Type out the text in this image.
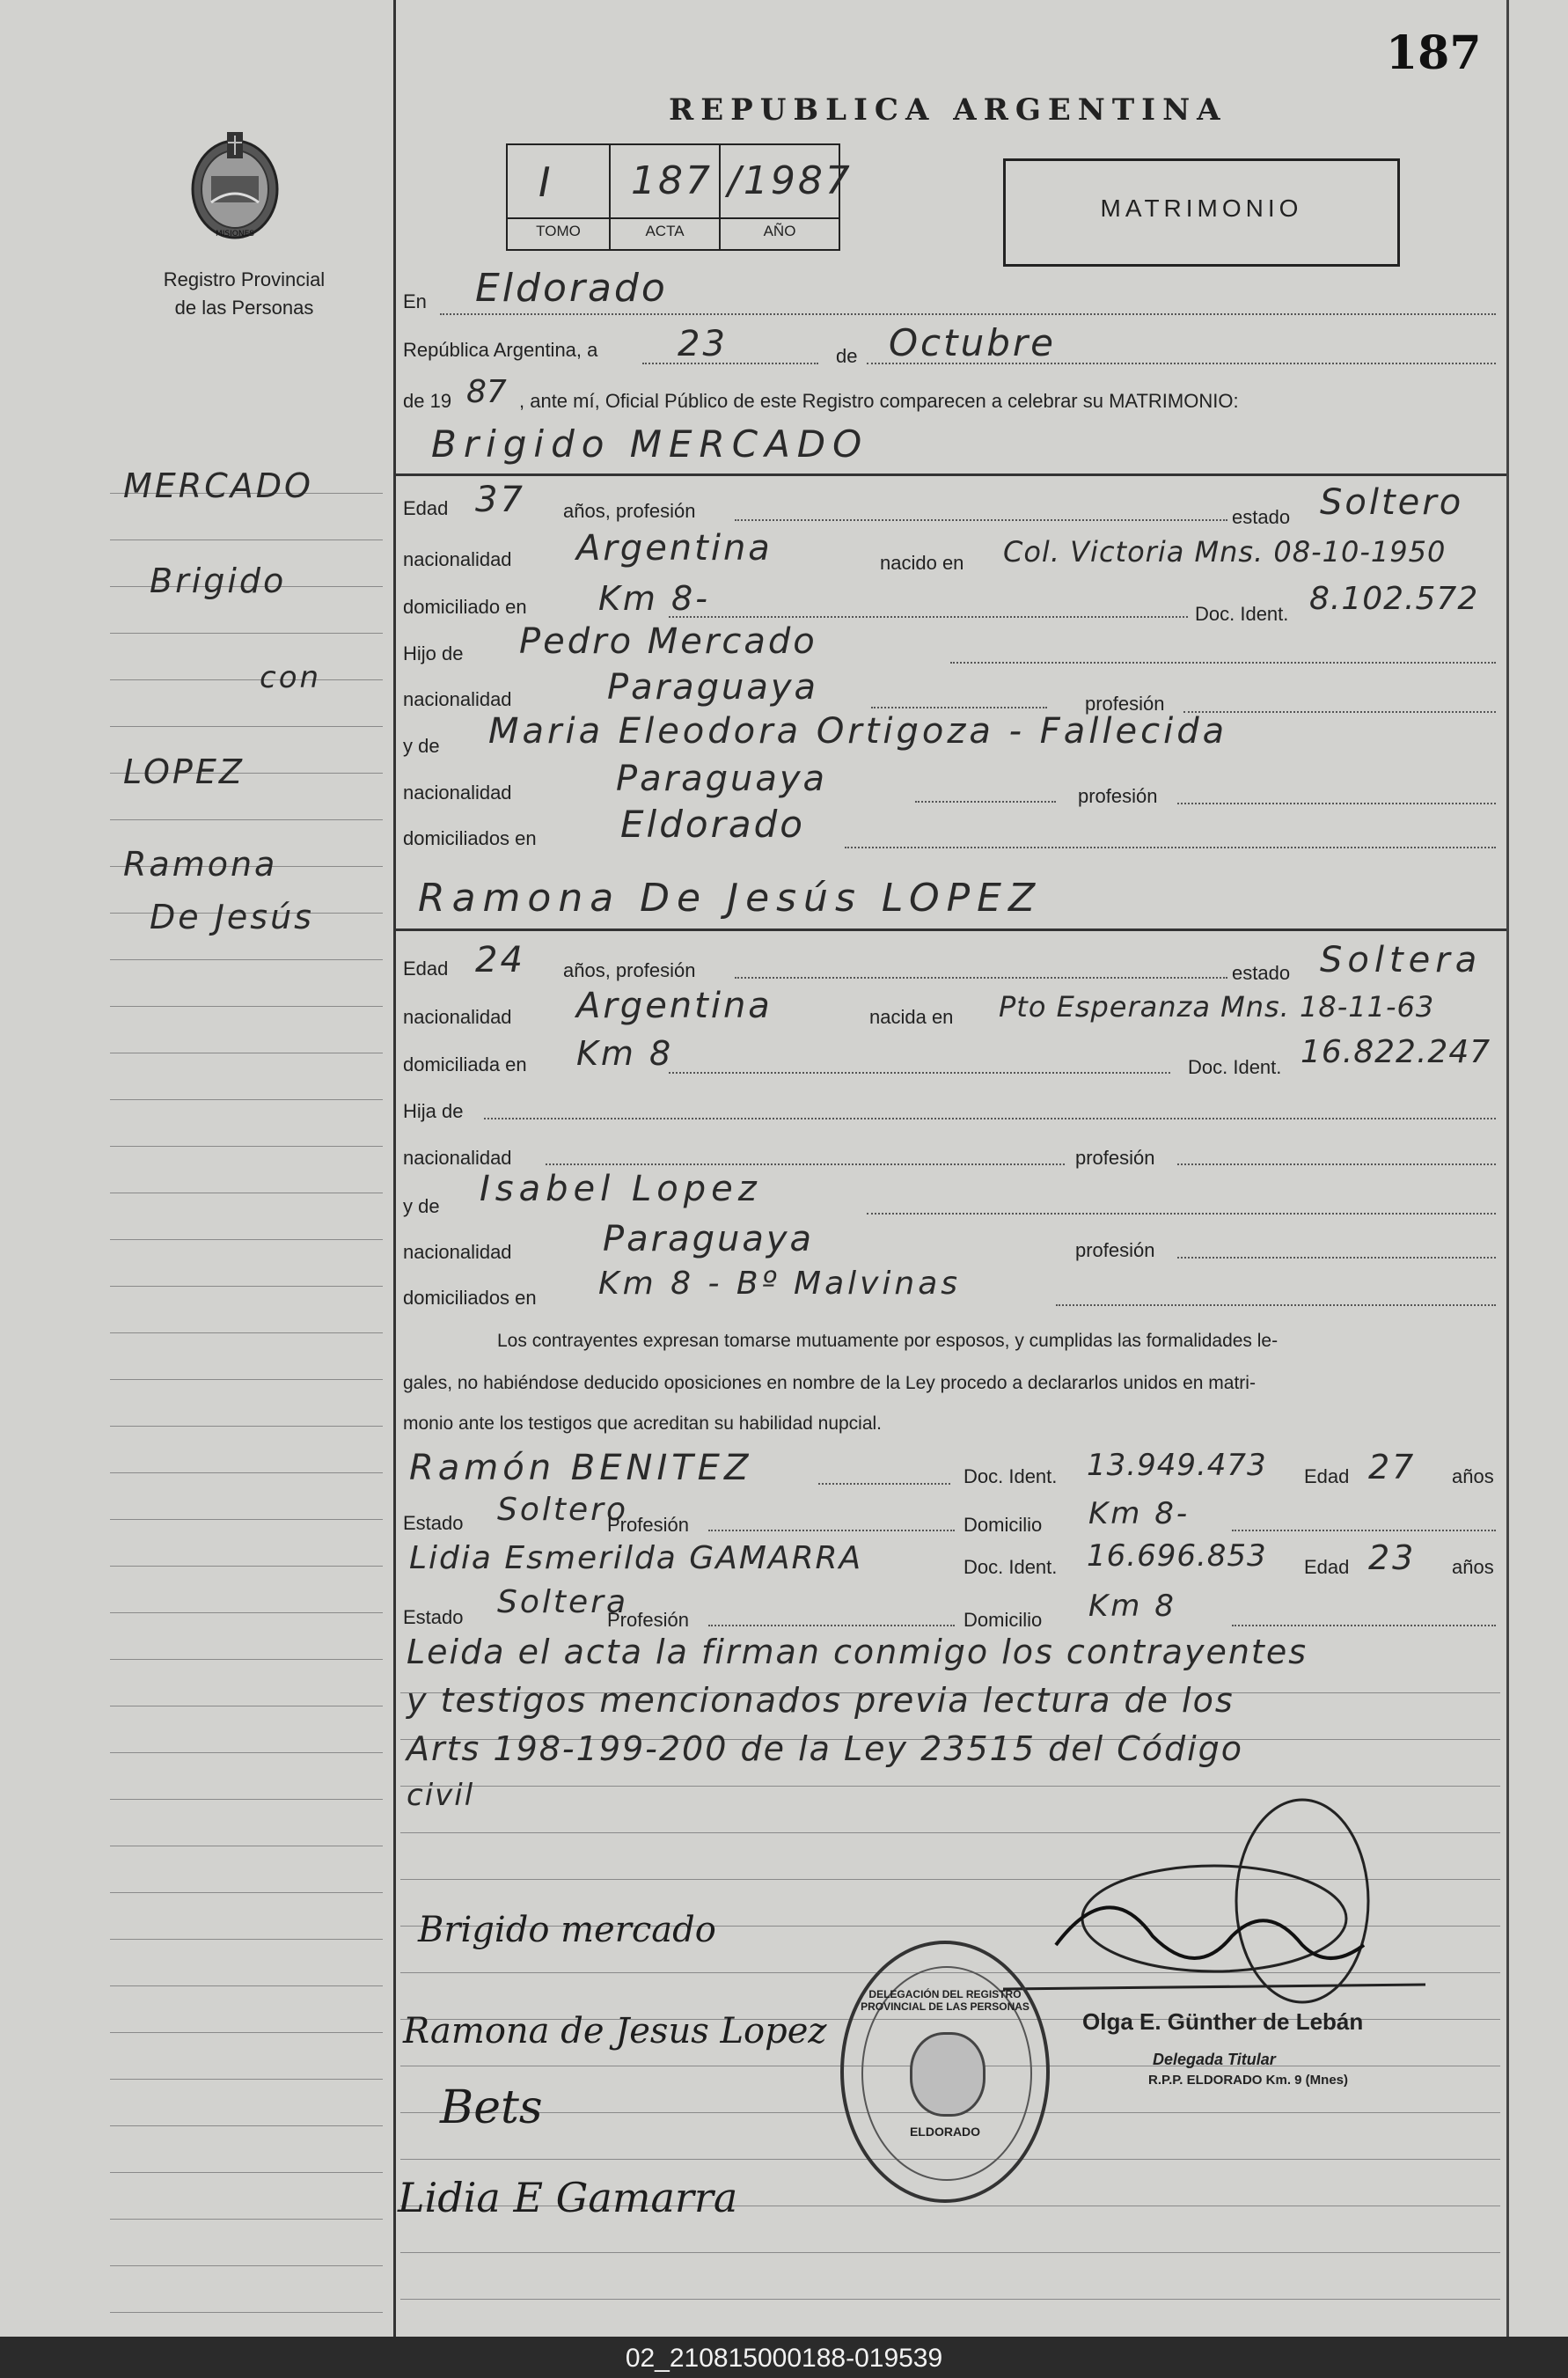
MISIONES
Registro Provincial
de las Personas
MERCADO
Brigido
con
LOPEZ
Ramona
De Jesús
187
REPUBLICA ARGENTINA
I 187 /1987
TOMO	ACTA	AÑO
MATRIMONIO
En Eldorado
República Argentina, a 23	de Octubre
de 19 87 , ante mí, Oficial Público de este Registro comparecen a celebrar su MATRIMONIO:
Brigido MERCADO
Edad 37 años, profesión	estado Soltero
nacionalidad Argentina	nacido en Col. Victoria Mns. 08-10-1950
domiciliado en Km 8-	Doc. Ident. 8.102.572
Hijo de Pedro Mercado
nacionalidad	Paraguaya	profesión
y de Maria Eleodora Ortigoza - Fallecida
nacionalidad	Paraguaya	profesión
domiciliados en Eldorado
Ramona De Jesús LOPEZ
Edad 24 años, profesión	estado Soltera
nacionalidad Argentina	nacida en Pto Esperanza Mns. 18-11-63
domiciliada en Km 8	Doc. Ident. 16.822.247
Hija de
nacionalidad	profesión
y de Isabel Lopez
nacionalidad	Paraguaya	profesión
domiciliados en Km 8 - Bº Malvinas
Los contrayentes expresan tomarse mutuamente por esposos, y cumplidas las formalidades le-
gales, no habiéndose deducido oposiciones en nombre de la Ley procedo a declararlos unidos en matri-
monio ante los testigos que acreditan su habilidad nupcial.
Ramón BENITEZ	Doc. Ident. 13.949.473 Edad 27 años
Estado Soltero
Profesión	Domicilio Km 8-
Lidia Esmerilda GAMARRA	Doc. Ident. 16.696.853 Edad 23 años
Estado Soltera
Profesión	Domicilio Km 8
Leida el acta la firman conmigo los contrayentes
y testigos mencionados previa lectura de los
Arts 198-199-200 de la Ley 23515 del Código
civil
Brigido mercado
Ramona de Jesus Lopez
Bets
Lidia E Gamarra
DELEGACIÓN DEL REGISTRO PROVINCIAL DE LAS PERSONAS
ELDORADO
Olga E. Günther de Lebán
Delegada Titular
R.P.P. ELDORADO Km. 9 (Mnes)
02_210815000188-019539
